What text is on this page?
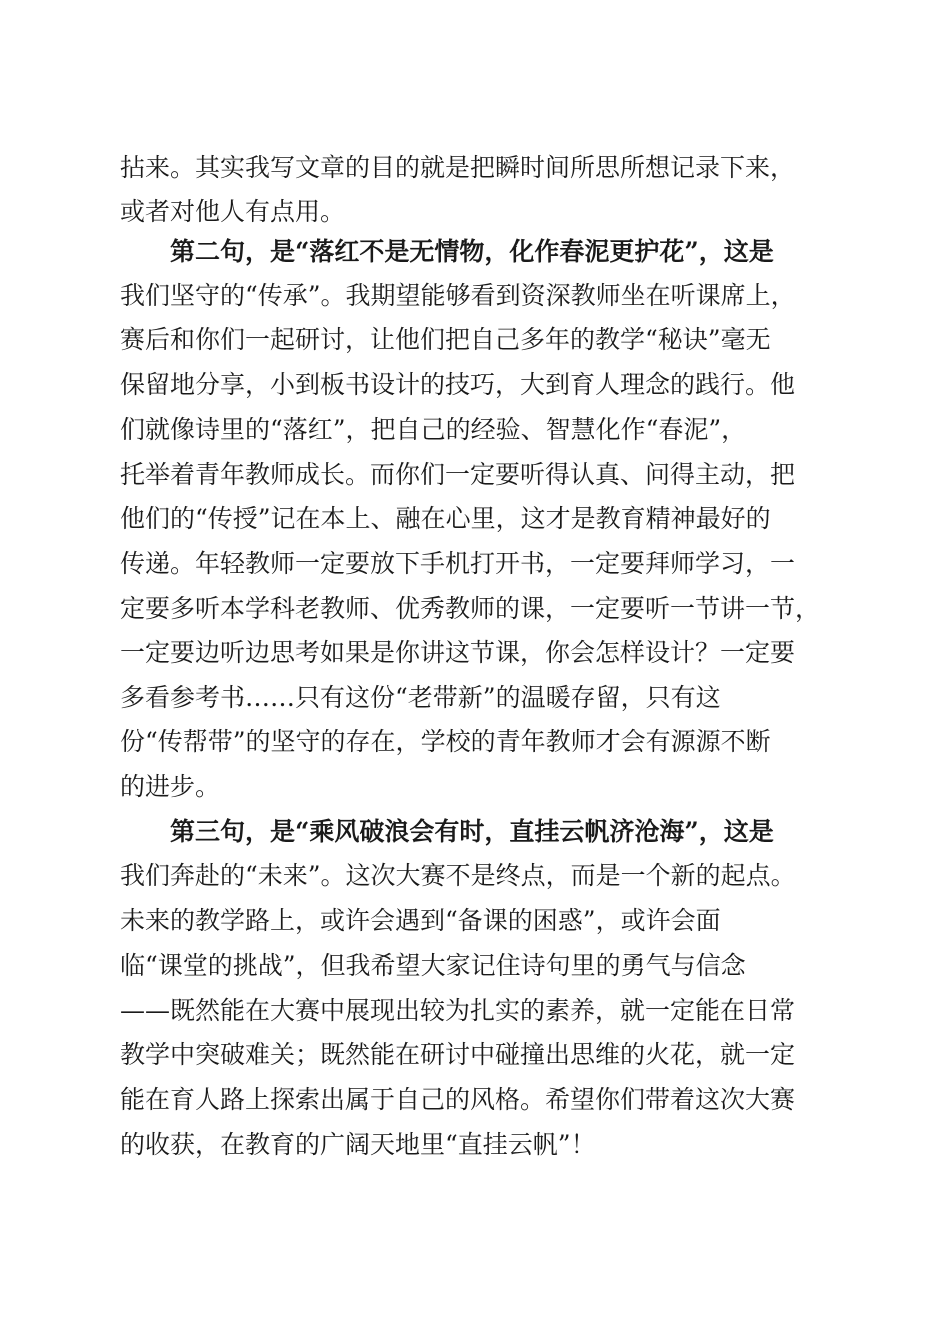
拈来。其实我写文章的目的就是把瞬时间所思所想记录下来，
或者对他人有点用。
第二句，是“落红不是无情物，化作春泥更护花”，这是
我们坚守的“传承”。我期望能够看到资深教师坐在听课席上，
赛后和你们一起研讨，让他们把自己多年的教学“秘诀”毫无
保留地分享，小到板书设计的技巧，大到育人理念的践行。他
们就像诗里的“落红”，把自己的经验、智慧化作“春泥”，
托举着青年教师成长。而你们一定要听得认真、问得主动，把
他们的“传授”记在本上、融在心里，这才是教育精神最好的
传递。年轻教师一定要放下手机打开书，一定要拜师学习，一
定要多听本学科老教师、优秀教师的课，一定要听一节讲一节，
一定要边听边思考如果是你讲这节课，你会怎样设计？一定要
多看参考书……只有这份“老带新”的温暖存留，只有这
份“传帮带”的坚守的存在，学校的青年教师才会有源源不断
的进步。
第三句，是“乘风破浪会有时，直挂云帆济沧海”，这是
我们奔赴的“未来”。这次大赛不是终点，而是一个新的起点。
未来的教学路上，或许会遇到“备课的困惑”，或许会面
临“课堂的挑战”，但我希望大家记住诗句里的勇气与信念
——既然能在大赛中展现出较为扎实的素养，就一定能在日常
教学中突破难关；既然能在研讨中碰撞出思维的火花，就一定
能在育人路上探索出属于自己的风格。希望你们带着这次大赛
的收获，在教育的广阔天地里“直挂云帆”！
